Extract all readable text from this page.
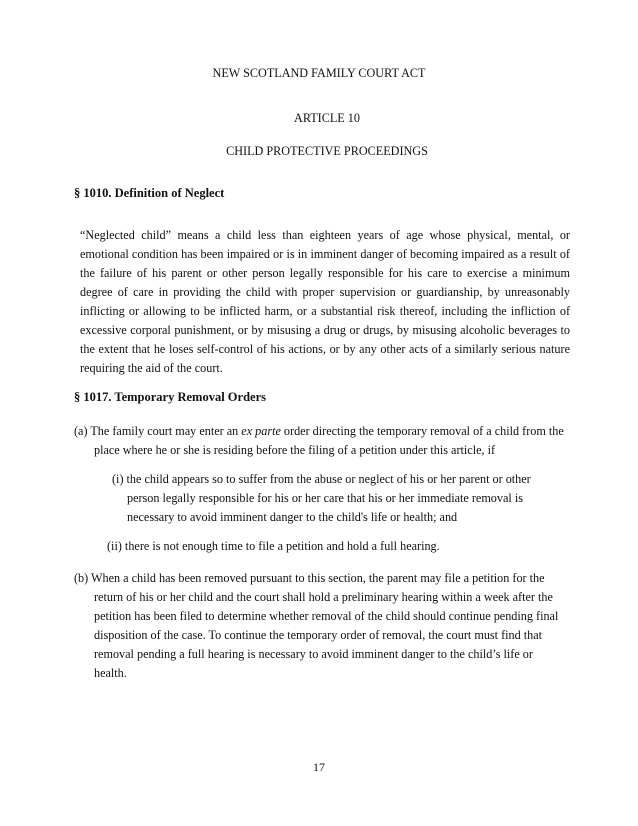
NEW SCOTLAND FAMILY COURT ACT
ARTICLE 10
CHILD PROTECTIVE PROCEEDINGS
§ 1010. Definition of Neglect
“Neglected child” means a child less than eighteen years of age whose physical, mental, or emotional condition has been impaired or is in imminent danger of becoming impaired as a result of the failure of his parent or other person legally responsible for his care to exercise a minimum degree of care in providing the child with proper supervision or guardianship, by unreasonably inflicting or allowing to be inflicted harm, or a substantial risk thereof, including the infliction of excessive corporal punishment, or by misusing a drug or drugs, by misusing alcoholic beverages to the extent that he loses self-control of his actions, or by any other acts of a similarly serious nature requiring the aid of the court.
§ 1017. Temporary Removal Orders
(a) The family court may enter an ex parte order directing the temporary removal of a child from the place where he or she is residing before the filing of a petition under this article, if
(i) the child appears so to suffer from the abuse or neglect of his or her parent or other person legally responsible for his or her care that his or her immediate removal is necessary to avoid imminent danger to the child's life or health; and
(ii) there is not enough time to file a petition and hold a full hearing.
(b) When a child has been removed pursuant to this section, the parent may file a petition for the return of his or her child and the court shall hold a preliminary hearing within a week after the petition has been filed to determine whether removal of the child should continue pending final disposition of the case. To continue the temporary order of removal, the court must find that removal pending a full hearing is necessary to avoid imminent danger to the child’s life or health.
17
